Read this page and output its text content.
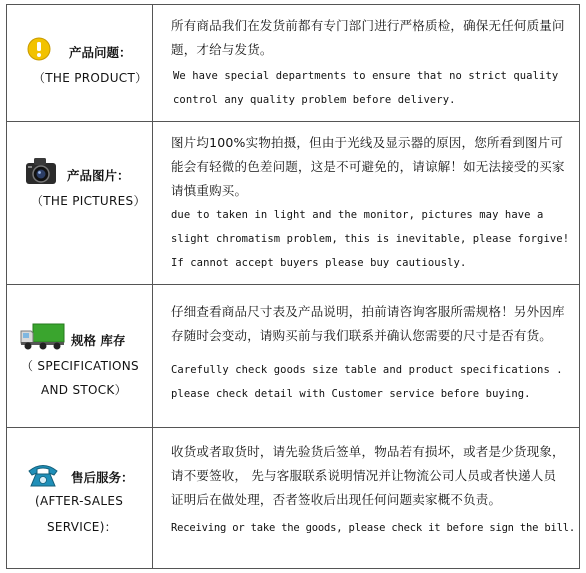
产品问题：
（THE PRODUCT）
所有商品我们在发货前都有专门部门进行严格质检，确保无任何质量问题，才给与发货。
We have special departments to ensure that no strict quality
control any quality problem before delivery.
产品图片：
（THE PICTURES）
图片均100%实物拍摄，但由于光线及显示器的原因，您所看到图片可能会有轻微的色差问题，这是不可避免的，请谅解！如无法接受的买家请慎重购买。
due to taken in light and the monitor, pictures may have a
slight chromatism problem, this is inevitable, please forgive!
If cannot accept buyers please buy cautiously.
规格 库存
（ SPECIFICATIONS
AND STOCK）
仔细查看商品尺寸表及产品说明，拍前请咨询客服所需规格！另外因库存随时会变动，请购买前与我们联系并确认您需要的尺寸是否有货。
Carefully check goods size table and product specifications .
please check detail with Customer service before buying.
售后服务：
(AFTER-SALES
SERVICE)：
收货或者取货时，请先验货后签单，物品若有损坏，或者是少货现象，请不要签收， 先与客服联系说明情况并让物流公司人员或者快递人员证明后在做处理，否者签收后出现任何问题卖家概不负责。
Receiving or take the goods, please check it before sign the bill.
